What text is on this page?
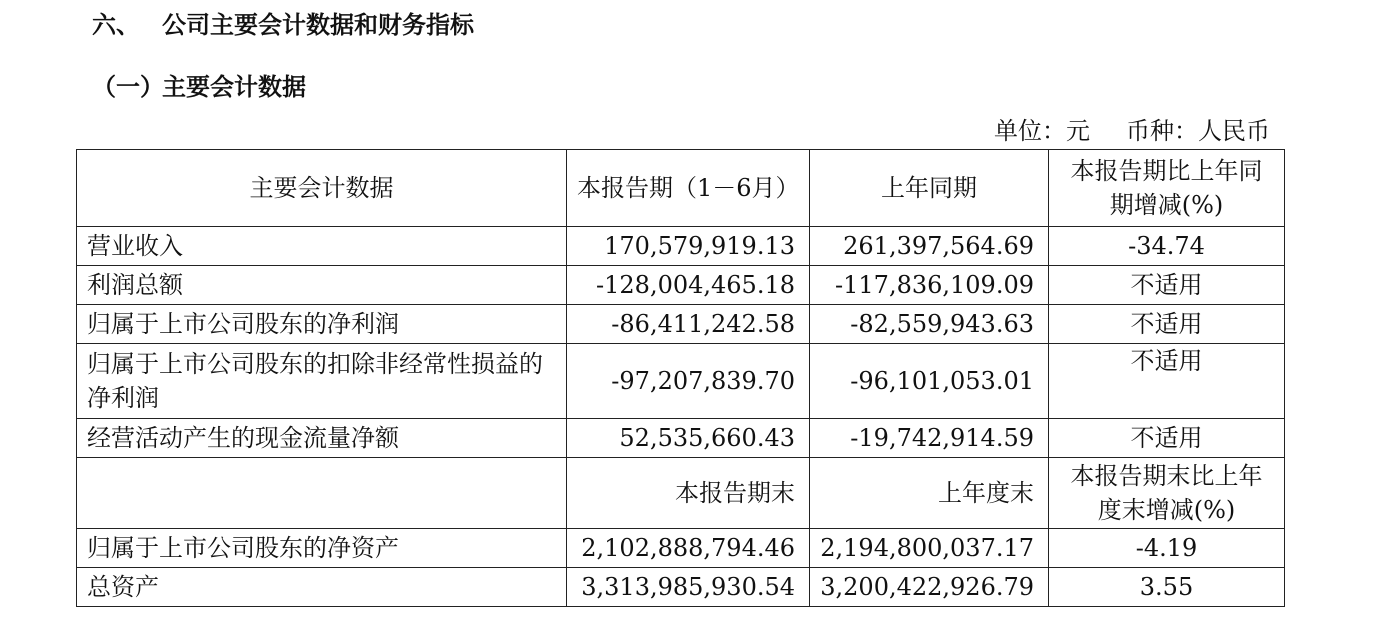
六、 公司主要会计数据和财务指标
（一）主要会计数据
单位：元 币种：人民币
主要会计数据	本报告期（1－6月）	上年同期	本报告期比上年同期增减(%)
营业收入	170,579,919.13	261,397,564.69	-34.74
利润总额	-128,004,465.18	-117,836,109.09	不适用
归属于上市公司股东的净利润	-86,411,242.58	-82,559,943.63	不适用
归属于上市公司股东的扣除非经常性损益的净利润	-97,207,839.70	-96,101,053.01	不适用
经营活动产生的现金流量净额	52,535,660.43	-19,742,914.59	不适用
	本报告期末	上年度末	本报告期末比上年度末增减(%)
归属于上市公司股东的净资产	2,102,888,794.46	2,194,800,037.17	-4.19
总资产	3,313,985,930.54	3,200,422,926.79	3.55
